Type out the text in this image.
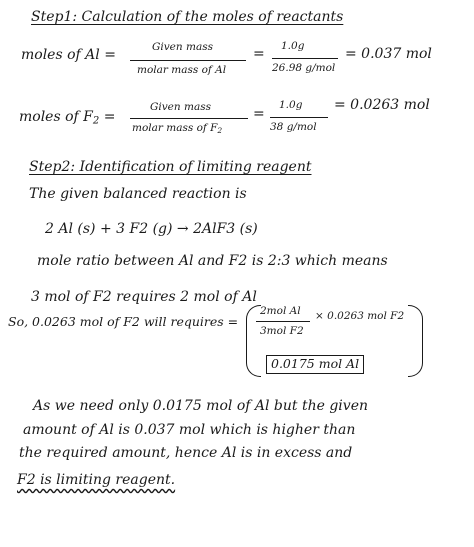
Step1: Calculation of the moles of reactants
moles of Al =	Given mass
molar mass of Al
= 1.0g
26.98 g/mol
= 0.037 mol
moles of $F_2$ =
Given mass
molar mass of $F_2$
=
1.0g
38 g/mol
= 0.0263 mol
Step2: Identification of limiting reagent
The given balanced reaction is
2 Al (s) + 3 F2 (g) → 2AlF3 (s)
mole ratio between Al and F2 is 2:3 which means
3 mol of F2 requires 2 mol of Al
So, 0.0263 mol of F2 will requires =
2mol Al
3mol F2
× 0.0263 mol F2
0.0175 mol Al
As we need only 0.0175 mol of Al but the given
amount of Al is 0.037 mol which is higher than
the required amount, hence Al is in excess and
F2 is limiting reagent.
